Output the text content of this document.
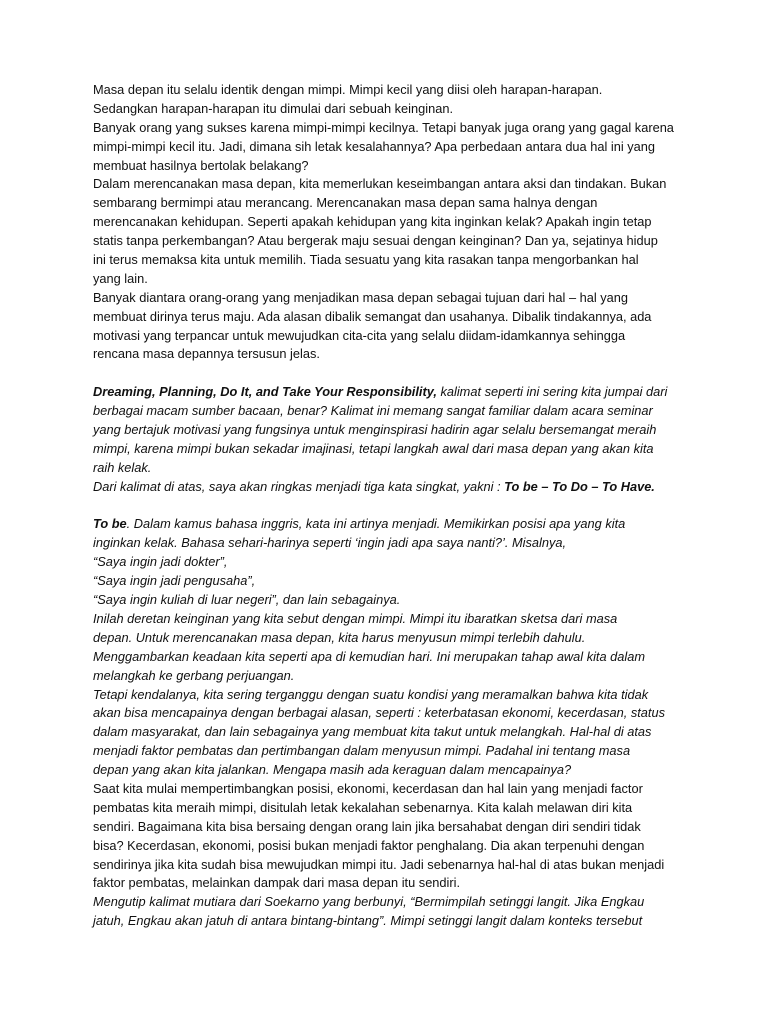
Masa depan itu selalu identik dengan mimpi. Mimpi kecil yang diisi oleh harapan-harapan.
Sedangkan harapan-harapan itu dimulai dari sebuah keinginan.
Banyak orang yang sukses karena mimpi-mimpi kecilnya. Tetapi banyak juga orang yang gagal karena
mimpi-mimpi kecil itu. Jadi, dimana sih letak kesalahannya? Apa perbedaan antara dua hal ini yang
membuat hasilnya bertolak belakang?
Dalam merencanakan masa depan, kita memerlukan keseimbangan antara aksi dan tindakan. Bukan
sembarang bermimpi atau merancang. Merencanakan masa depan sama halnya dengan
merencanakan kehidupan. Seperti apakah kehidupan yang kita inginkan kelak? Apakah ingin tetap
statis tanpa perkembangan? Atau bergerak maju sesuai dengan keinginan? Dan ya, sejatinya hidup
ini terus memaksa kita untuk memilih. Tiada sesuatu yang kita rasakan tanpa mengorbankan hal
yang lain.
Banyak diantara orang-orang yang menjadikan masa depan sebagai tujuan dari hal – hal yang
membuat dirinya terus maju. Ada alasan dibalik semangat dan usahanya. Dibalik tindakannya, ada
motivasi yang terpancar untuk mewujudkan cita-cita yang selalu diidam-idamkannya sehingga
rencana masa depannya tersusun jelas.
Dreaming, Planning, Do It, and Take Your Responsibility, kalimat seperti ini sering kita jumpai dari
berbagai macam sumber bacaan, benar? Kalimat ini memang sangat familiar dalam acara seminar
yang bertajuk motivasi yang fungsinya untuk menginspirasi hadirin agar selalu bersemangat meraih
mimpi, karena mimpi bukan sekadar imajinasi, tetapi langkah awal dari masa depan yang akan kita
raih kelak.
Dari kalimat di atas, saya akan ringkas menjadi tiga kata singkat, yakni : To be – To Do – To Have.
To be. Dalam kamus bahasa inggris, kata ini artinya menjadi. Memikirkan posisi apa yang kita
inginkan kelak. Bahasa sehari-harinya seperti ‘ingin jadi apa saya nanti?’. Misalnya,
“Saya ingin jadi dokter”,
“Saya ingin jadi pengusaha”,
“Saya ingin kuliah di luar negeri”, dan lain sebagainya.
Inilah deretan keinginan yang kita sebut dengan mimpi. Mimpi itu ibaratkan sketsa dari masa
depan. Untuk merencanakan masa depan, kita harus menyusun mimpi terlebih dahulu.
Menggambarkan keadaan kita seperti apa di kemudian hari. Ini merupakan tahap awal kita dalam
melangkah ke gerbang perjuangan.
Tetapi kendalanya, kita sering terganggu dengan suatu kondisi yang meramalkan bahwa kita tidak
akan bisa mencapainya dengan berbagai alasan, seperti : keterbatasan ekonomi, kecerdasan, status
dalam masyarakat, dan lain sebagainya yang membuat kita takut untuk melangkah. Hal-hal di atas
menjadi faktor pembatas dan pertimbangan dalam menyusun mimpi. Padahal ini tentang masa
depan yang akan kita jalankan. Mengapa masih ada keraguan dalam mencapainya?
Saat kita mulai mempertimbangkan posisi, ekonomi, kecerdasan dan hal lain yang menjadi factor
pembatas kita meraih mimpi, disitulah letak kekalahan sebenarnya. Kita kalah melawan diri kita
sendiri. Bagaimana kita bisa bersaing dengan orang lain jika bersahabat dengan diri sendiri tidak
bisa? Kecerdasan, ekonomi, posisi bukan menjadi faktor penghalang. Dia akan terpenuhi dengan
sendirinya jika kita sudah bisa mewujudkan mimpi itu. Jadi sebenarnya hal-hal di atas bukan menjadi
faktor pembatas, melainkan dampak dari masa depan itu sendiri.
Mengutip kalimat mutiara dari Soekarno yang berbunyi, “Bermimpilah setinggi langit. Jika Engkau
jatuh, Engkau akan jatuh di antara bintang-bintang”. Mimpi setinggi langit dalam konteks tersebut
